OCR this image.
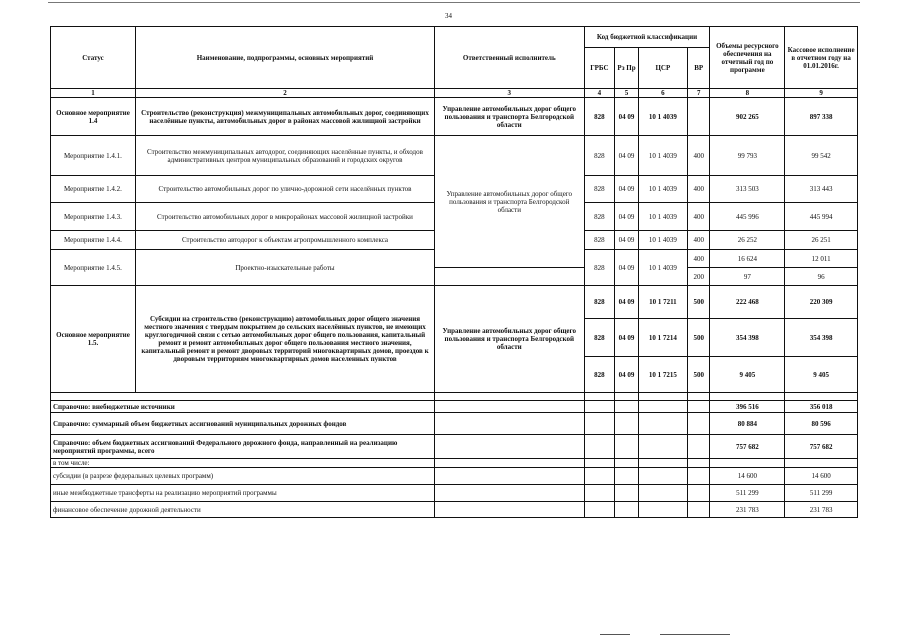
34
Статус	Наименование, подпрограммы, основных мероприятий	Ответственный исполнитель	Код бюджетной классификации				Объемы ресурсного обеспечения на отчетный год по программе	Кассовое исполнение в отчетном году на 01.01.2016г.
			ГРБС	Рз Пр	ЦСР	ВР		
1	2	3	4	5	6	7	8	9
Основное мероприятие 1.4	Строительство (реконструкция) межмуниципальных автомобильных дорог, соединяющих населённые пункты, автомобильных дорог в районах массовой жилищной застройки	Управление автомобильных дорог общего пользования и транспорта Белгородской области	828	04 09	10 1 4039		902 265	897 338
Мероприятие 1.4.1.	Строительство межмуниципальных автодорог, соединяющих населённые пункты, и обходов административных центров муниципальных образований и городских округов	Управление автомобильных дорог общего пользования и транспорта Белгородской области	828	04 09	10 1 4039	400	99 793	99 542
Мероприятие 1.4.2.	Строительство автомобильных дорог по улично-дорожной сети населённых пунктов		828	04 09	10 1 4039	400	313 503	313 443
Мероприятие 1.4.3.	Строительство автомобильных дорог в микрорайонах массовой жилищной застройки		828	04 09	10 1 4039	400	445 996	445 994
Мероприятие 1.4.4.	Строительство автодорог к объектам агропромышленного комплекса		828	04 09	10 1 4039	400	26 252	26 251
Мероприятие 1.4.5.	Проектно-изыскательные работы		828	04 09	10 1 4039	400	16 624	12 011
						200	97	96
Основное мероприятие 1.5.	Субсидии на строительство (реконструкцию) автомобильных дорог общего значения местного значения с твердым покрытием до сельских населённых пунктов, не имеющих круглогодичной связи с сетью автомобильных дорог общего пользования, капитальный ремонт и ремонт автомобильных дорог общего пользования местного значения, капитальный ремонт и ремонт дворовых территорий многоквартирных домов, проездов к дворовым территориям многоквартирных домов населенных пунктов	Управление автомобильных дорог общего пользования и транспорта Белгородской области	828	04 09	10 1 7211	500	222 468	220 309
			828	04 09	10 1 7214	500	354 398	354 398
			828	04 09	10 1 7215	500	9 405	9 405

Справочно: внебюджетные источники							396 516	356 018
Справочно: суммарный объем бюджетных ассигнований муниципальных дорожных фондов							80 884	80 596
Справочно: объем бюджетных ассигнований Федерального дорожного фонда, направленный на реализацию мероприятий программы, всего							757 682	757 682
в том числе:								
субсидии (в разрезе федеральных целевых программ)							14 600	14 600
иные межбюджетные трансферты на реализацию мероприятий программы							511 299	511 299
финансовое обеспечение дорожной деятельности							231 783	231 783
